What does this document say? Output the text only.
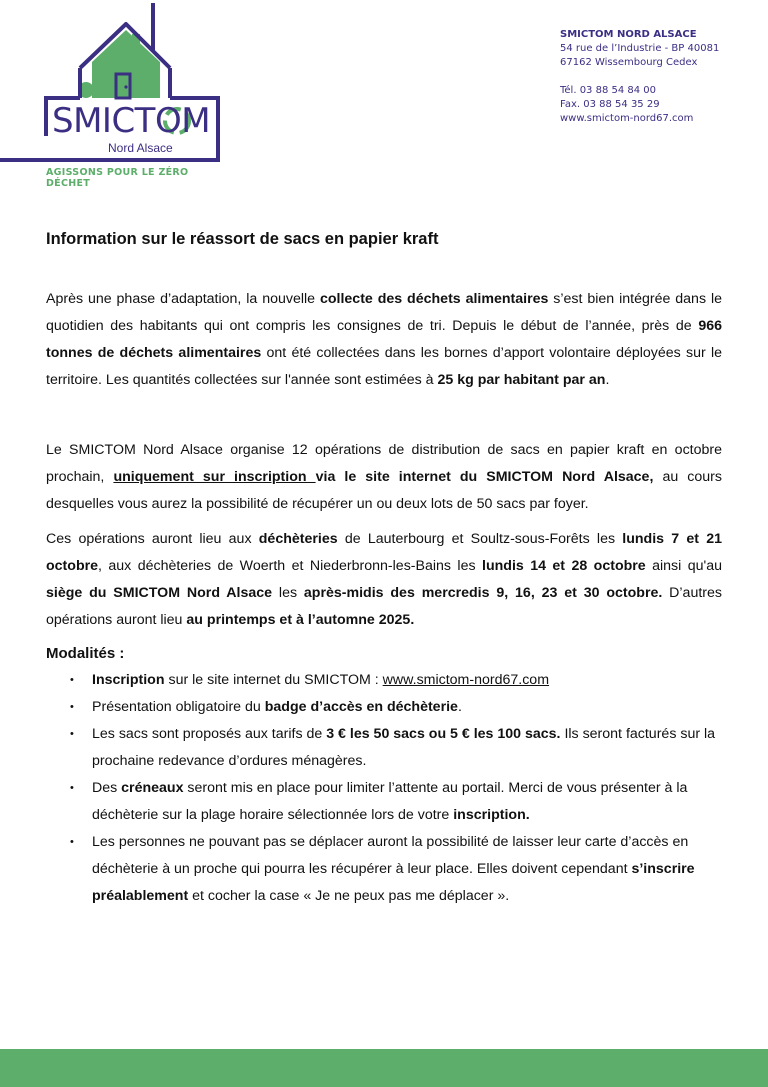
SMICTOM
Nord Alsace
AGISSONS POUR LE ZÉRO DÉCHET
SMICTOM NORD ALSACE
54 rue de l’Industrie - BP 40081
67162 Wissembourg Cedex
Tél. 03 88 54 84 00
Fax. 03 88 54 35 29
www.smictom-nord67.com
Information sur le réassort de sacs en papier kraft

Après une phase d’adaptation, la nouvelle collecte des déchets alimentaires s’est bien intégrée dans le quotidien des habitants qui ont compris les consignes de tri. Depuis le début de l’année, près de 966 tonnes de déchets alimentaires ont été collectées dans les bornes d’apport volontaire déployées sur le territoire. Les quantités collectées sur l'année sont estimées à 25 kg par habitant par an.

Le SMICTOM Nord Alsace organise 12 opérations de distribution de sacs en papier kraft en octobre prochain, uniquement sur inscription via le site internet du SMICTOM Nord Alsace, au cours desquelles vous aurez la possibilité de récupérer un ou deux lots de 50 sacs par foyer.

Ces opérations auront lieu aux déchèteries de Lauterbourg et Soultz-sous-Forêts les lundis 7 et 21 octobre, aux déchèteries de Woerth et Niederbronn-les-Bains les lundis 14 et 28 octobre ainsi qu'au siège du SMICTOM Nord Alsace les après-midis des mercredis 9, 16, 23 et 30 octobre. D’autres opérations auront lieu au printemps et à l’automne 2025.

Modalités :
• Inscription sur le site internet du SMICTOM : www.smictom-nord67.com
• Présentation obligatoire du badge d’accès en déchèterie.
• Les sacs sont proposés aux tarifs de 3 € les 50 sacs ou 5 € les 100 sacs. Ils seront facturés sur la prochaine redevance d’ordures ménagères.
• Des créneaux seront mis en place pour limiter l’attente au portail. Merci de vous présenter à la déchèterie sur la plage horaire sélectionnée lors de votre inscription.
• Les personnes ne pouvant pas se déplacer auront la possibilité de laisser leur carte d’accès en déchèterie à un proche qui pourra les récupérer à leur place. Elles doivent cependant s’inscrire préalablement et cocher la case « Je ne peux pas me déplacer ».
